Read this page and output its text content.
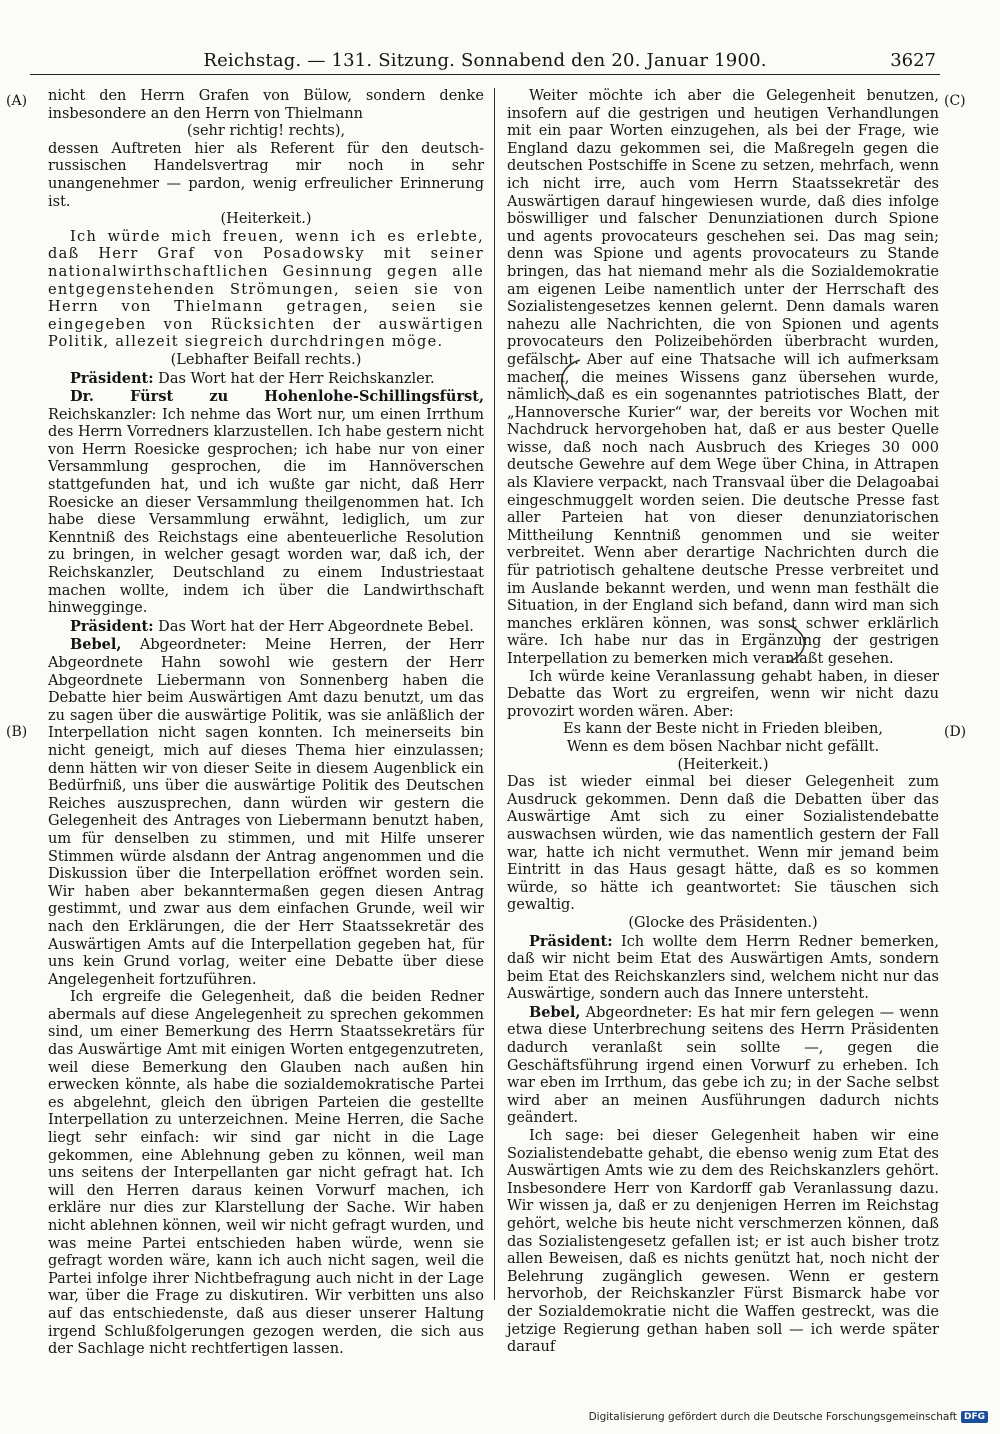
Reichstag. — 131. Sitzung. Sonnabend den 20. Januar 1900.	3627
(A)
(B)
(C)
(D)

nicht den Herrn Grafen von Bülow, sondern denke insbesondere an den Herrn von Thielmann

(sehr richtig! rechts),

dessen Auftreten hier als Referent für den deutsch-russischen Handelsvertrag mir noch in sehr unangenehmer — pardon, wenig erfreulicher Erinnerung ist.

(Heiterkeit.)

Ich würde mich freuen, wenn ich es erlebte, daß Herr Graf von Posadowsky mit seiner nationalwirthschaftlichen Gesinnung gegen alle entgegenstehenden Strömungen, seien sie von Herrn von Thielmann getragen, seien sie eingegeben von Rücksichten der auswärtigen Politik, allezeit siegreich durchdringen möge.

(Lebhafter Beifall rechts.)

Präsident: Das Wort hat der Herr Reichskanzler.

Dr. Fürst zu Hohenlohe-Schillingsfürst, Reichskanzler: Ich nehme das Wort nur, um einen Irrthum des Herrn Vorredners klarzustellen. Ich habe gestern nicht von Herrn Roesicke gesprochen; ich habe nur von einer Versammlung gesprochen, die im Hannöverschen stattgefunden hat, und ich wußte gar nicht, daß Herr Roesicke an dieser Versammlung theilgenommen hat. Ich habe diese Versammlung erwähnt, lediglich, um zur Kenntniß des Reichstags eine abenteuerliche Resolution zu bringen, in welcher gesagt worden war, daß ich, der Reichskanzler, Deutschland zu einem Industriestaat machen wollte, indem ich über die Landwirthschaft hinwegginge.

Präsident: Das Wort hat der Herr Abgeordnete Bebel.

Bebel, Abgeordneter: Meine Herren, der Herr Abgeordnete Hahn sowohl wie gestern der Herr Abgeordnete Liebermann von Sonnenberg haben die Debatte hier beim Auswärtigen Amt dazu benutzt, um das zu sagen über die auswärtige Politik, was sie anläßlich der Interpellation nicht sagen konnten. Ich meinerseits bin nicht geneigt, mich auf dieses Thema hier einzulassen; denn hätten wir von dieser Seite in diesem Augenblick ein Bedürfniß, uns über die auswärtige Politik des Deutschen Reiches auszusprechen, dann würden wir gestern die Gelegenheit des Antrages von Liebermann benutzt haben, um für denselben zu stimmen, und mit Hilfe unserer Stimmen würde alsdann der Antrag angenommen und die Diskussion über die Interpellation eröffnet worden sein. Wir haben aber bekanntermaßen gegen diesen Antrag gestimmt, und zwar aus dem einfachen Grunde, weil wir nach den Erklärungen, die der Herr Staatssekretär des Auswärtigen Amts auf die Interpellation gegeben hat, für uns kein Grund vorlag, weiter eine Debatte über diese Angelegenheit fortzuführen.

Ich ergreife die Gelegenheit, daß die beiden Redner abermals auf diese Angelegenheit zu sprechen gekommen sind, um einer Bemerkung des Herrn Staatssekretärs für das Auswärtige Amt mit einigen Worten entgegenzutreten, weil diese Bemerkung den Glauben nach außen hin erwecken könnte, als habe die sozialdemokratische Partei es abgelehnt, gleich den übrigen Parteien die gestellte Interpellation zu unterzeichnen. Meine Herren, die Sache liegt sehr einfach: wir sind gar nicht in die Lage gekommen, eine Ablehnung geben zu können, weil man uns seitens der Interpellanten gar nicht gefragt hat. Ich will den Herren daraus keinen Vorwurf machen, ich erkläre nur dies zur Klarstellung der Sache. Wir haben nicht ablehnen können, weil wir nicht gefragt wurden, und was meine Partei entschieden haben würde, wenn sie gefragt worden wäre, kann ich auch nicht sagen, weil die Partei infolge ihrer Nichtbefragung auch nicht in der Lage war, über die Frage zu diskutiren. Wir verbitten uns also auf das entschiedenste, daß aus dieser unserer Haltung irgend Schlußfolgerungen gezogen werden, die sich aus der Sachlage nicht rechtfertigen lassen.

Weiter möchte ich aber die Gelegenheit benutzen, insofern auf die gestrigen und heutigen Verhandlungen mit ein paar Worten einzugehen, als bei der Frage, wie England dazu gekommen sei, die Maßregeln gegen die deutschen Postschiffe in Scene zu setzen, mehrfach, wenn ich nicht irre, auch vom Herrn Staatssekretär des Auswärtigen darauf hingewiesen wurde, daß dies infolge böswilliger und falscher Denunziationen durch Spione und agents provocateurs geschehen sei. Das mag sein; denn was Spione und agents provocateurs zu Stande bringen, das hat niemand mehr als die Sozialdemokratie am eigenen Leibe namentlich unter der Herrschaft des Sozialistengesetzes kennen gelernt. Denn damals waren nahezu alle Nachrichten, die von Spionen und agents provocateurs den Polizeibehörden überbracht wurden, gefälscht. Aber auf eine Thatsache will ich aufmerksam machen, die meines Wissens ganz übersehen wurde, nämlich, daß es ein sogenanntes patriotisches Blatt, der „Hannoversche Kurier“ war, der bereits vor Wochen mit Nachdruck hervorgehoben hat, daß er aus bester Quelle wisse, daß noch nach Ausbruch des Krieges 30 000 deutsche Gewehre auf dem Wege über China, in Attrapen als Klaviere verpackt, nach Transvaal über die Delagoabai eingeschmuggelt worden seien. Die deutsche Presse fast aller Parteien hat von dieser denunziatorischen Mittheilung Kenntniß genommen und sie weiter verbreitet. Wenn aber derartige Nachrichten durch die für patriotisch gehaltene deutsche Presse verbreitet und im Auslande bekannt werden, und wenn man festhält die Situation, in der England sich befand, dann wird man sich manches erklären können, was sonst schwer erklärlich wäre. Ich habe nur das in Ergänzung der gestrigen Interpellation zu bemerken mich veranlaßt gesehen.

Ich würde keine Veranlassung gehabt haben, in dieser Debatte das Wort zu ergreifen, wenn wir nicht dazu provozirt worden wären. Aber:

Es kann der Beste nicht in Frieden bleiben,

Wenn es dem bösen Nachbar nicht gefällt.

(Heiterkeit.)

Das ist wieder einmal bei dieser Gelegenheit zum Ausdruck gekommen. Denn daß die Debatten über das Auswärtige Amt sich zu einer Sozialistendebatte auswachsen würden, wie das namentlich gestern der Fall war, hatte ich nicht vermuthet. Wenn mir jemand beim Eintritt in das Haus gesagt hätte, daß es so kommen würde, so hätte ich geantwortet: Sie täuschen sich gewaltig.

(Glocke des Präsidenten.)

Präsident: Ich wollte dem Herrn Redner bemerken, daß wir nicht beim Etat des Auswärtigen Amts, sondern beim Etat des Reichskanzlers sind, welchem nicht nur das Auswärtige, sondern auch das Innere untersteht.

Bebel, Abgeordneter: Es hat mir fern gelegen — wenn etwa diese Unterbrechung seitens des Herrn Präsidenten dadurch veranlaßt sein sollte —, gegen die Geschäftsführung irgend einen Vorwurf zu erheben. Ich war eben im Irrthum, das gebe ich zu; in der Sache selbst wird aber an meinen Ausführungen dadurch nichts geändert.

Ich sage: bei dieser Gelegenheit haben wir eine Sozialistendebatte gehabt, die ebenso wenig zum Etat des Auswärtigen Amts wie zu dem des Reichskanzlers gehört. Insbesondere Herr von Kardorff gab Veranlassung dazu. Wir wissen ja, daß er zu denjenigen Herren im Reichstag gehört, welche bis heute nicht verschmerzen können, daß das Sozialistengesetz gefallen ist; er ist auch bisher trotz allen Beweisen, daß es nichts genützt hat, noch nicht der Belehrung zugänglich gewesen. Wenn er gestern hervorhob, der Reichskanzler Fürst Bismarck habe vor der Sozialdemokratie nicht die Waffen gestreckt, was die jetzige Regierung gethan haben soll — ich werde später darauf

Digitalisierung gefördert durch die Deutsche Forschungsgemeinschaft DFG
